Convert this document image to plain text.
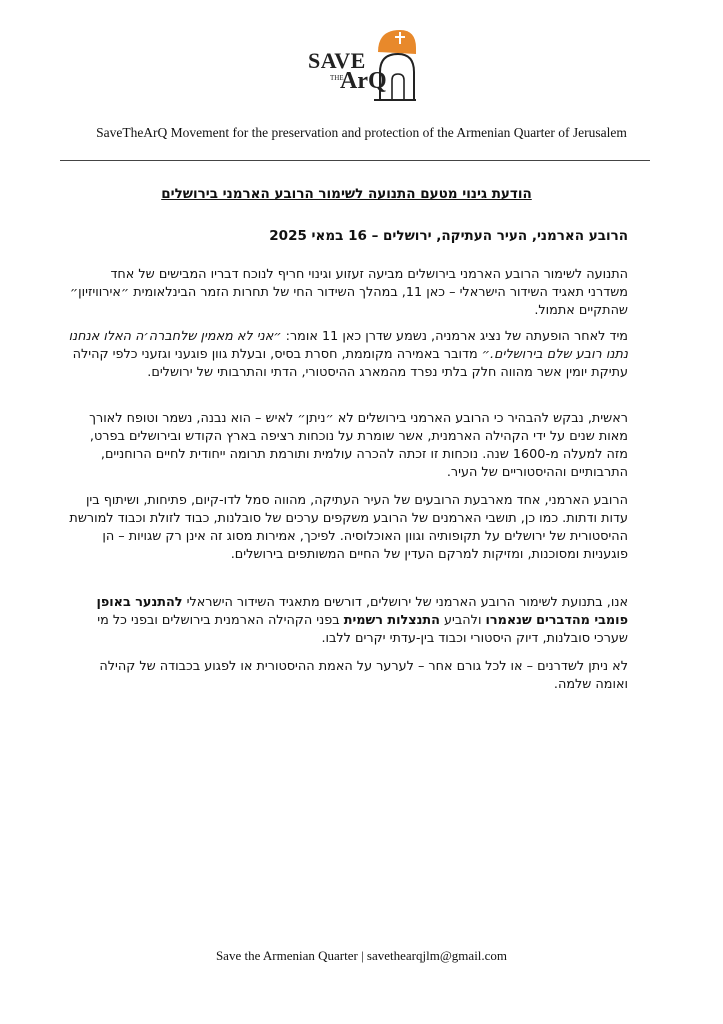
SAVE
THE
ArQ
SaveTheArQ Movement for the preservation and protection of the Armenian Quarter of Jerusalem
הודעת גינוי מטעם התנועה לשימור הרובע הארמני בירושלים
הרובע הארמני, העיר העתיקה, ירושלים – 16 במאי 2025
התנועה לשימור הרובע הארמני בירושלים מביעה זעזוע וגינוי חריף לנוכח דבריו המבישים של אחד משדרני תאגיד השידור הישראלי – כאן 11, במהלך השידור החי של תחרות הזמר הבינלאומית ״אירוויזיון״ שהתקיים אתמול.
מיד לאחר הופעתה של נציג ארמניה, נשמע שדרן כאן 11 אומר: ״אני לא מאמין שלחברה׳ה האלו אנחנו נתנו רובע שלם בירושלים.״ מדובר באמירה מקוממת, חסרת בסיס, ובעלת גוון פוגעני וגזעני כלפי קהילה עתיקת יומין אשר מהווה חלק בלתי נפרד מהמארג ההיסטורי, הדתי והתרבותי של ירושלים.
ראשית, נבקש להבהיר כי הרובע הארמני בירושלים לא ״ניתן״ לאיש – הוא נבנה, נשמר וטופח לאורך מאות שנים על ידי הקהילה הארמנית, אשר שומרת על נוכחות רציפה בארץ הקודש ובירושלים בפרט, מזה למעלה מ-1600 שנה. נוכחות זו זכתה להכרה עולמית ותורמת תרומה ייחודית לחיים הרוחניים, התרבותיים וההיסטוריים של העיר.
הרובע הארמני, אחד מארבעת הרובעים של העיר העתיקה, מהווה סמל לדו-קיום, פתיחות, ושיתוף בין עדות ודתות. כמו כן, תושבי הארמנים של הרובע משקפים ערכים של סובלנות, כבוד לזולת וכבוד למורשת ההיסטורית של ירושלים על תקופותיה וגוון האוכלוסיה. לפיכך, אמירות מסוג זה אינן רק שגויות – הן פוגעניות ומסוכנות, ומזיקות למרקם העדין של החיים המשותפים בירושלים.
אנו, בתנועת לשימור הרובע הארמני של ירושלים, דורשים מתאגיד השידור הישראלי להתנער באופן פומבי מהדברים שנאמרו ולהביע התנצלות רשמית בפני הקהילה הארמנית בירושלים ובפני כל מי שערכי סובלנות, דיוק היסטורי וכבוד בין-עדתי יקרים ללבו.
לא ניתן לשדרנים – או לכל גורם אחר – לערער על האמת ההיסטורית או לפגוע בכבודה של קהילה ואומה שלמה.
Save the Armenian Quarter | savethearqjlm@gmail.com
